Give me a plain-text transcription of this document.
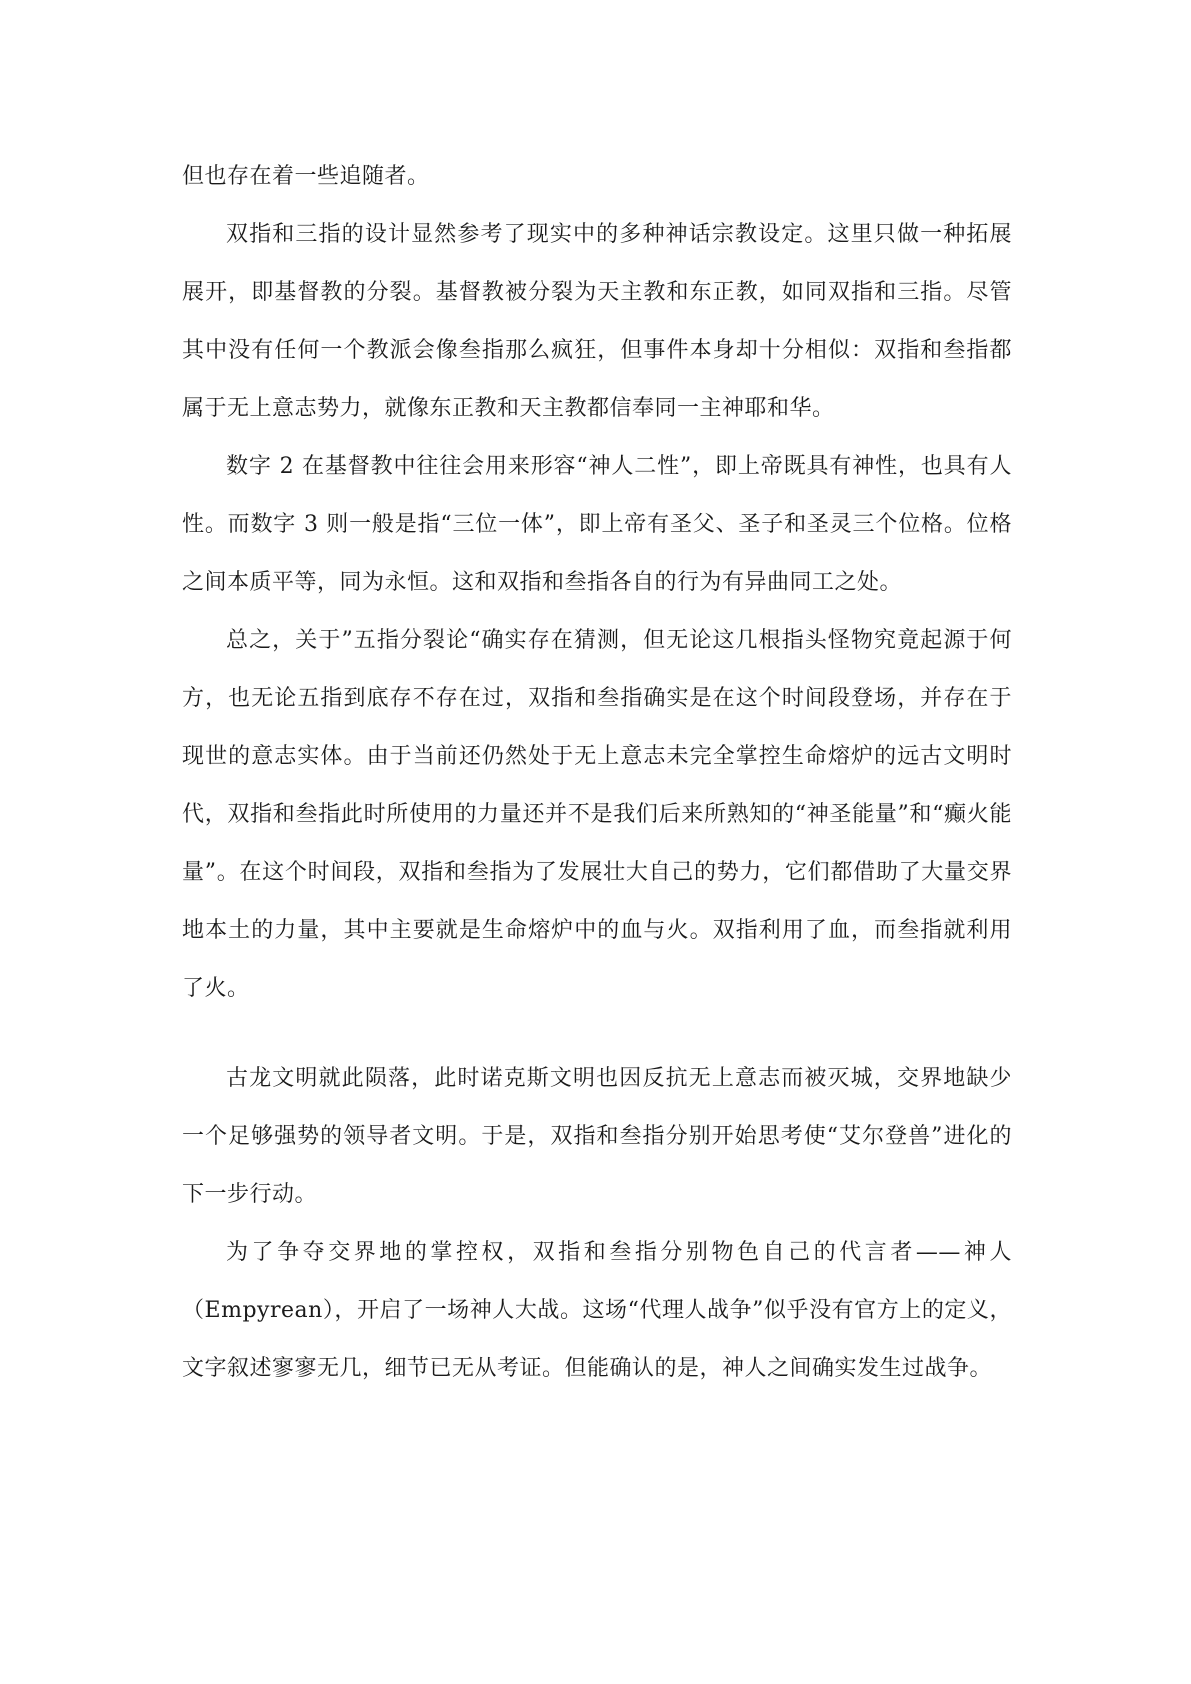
但也存在着一些追随者。

双指和三指的设计显然参考了现实中的多种神话宗教设定。这里只做一种拓展展开，即基督教的分裂。基督教被分裂为天主教和东正教，如同双指和三指。尽管其中没有任何一个教派会像叁指那么疯狂，但事件本身却十分相似：双指和叁指都属于无上意志势力，就像东正教和天主教都信奉同一主神耶和华。

数字 2 在基督教中往往会用来形容“神人二性”，即上帝既具有神性，也具有人性。而数字 3 则一般是指“三位一体”，即上帝有圣父、圣子和圣灵三个位格。位格之间本质平等，同为永恒。这和双指和叁指各自的行为有异曲同工之处。

总之，关于”五指分裂论“确实存在猜测，但无论这几根指头怪物究竟起源于何方，也无论五指到底存不存在过，双指和叁指确实是在这个时间段登场，并存在于现世的意志实体。由于当前还仍然处于无上意志未完全掌控生命熔炉的远古文明时代，双指和叁指此时所使用的力量还并不是我们后来所熟知的“神圣能量”和“癫火能量”。在这个时间段，双指和叁指为了发展壮大自己的势力，它们都借助了大量交界地本土的力量，其中主要就是生命熔炉中的血与火。双指利用了血，而叁指就利用了火。

古龙文明就此陨落，此时诺克斯文明也因反抗无上意志而被灭城，交界地缺少一个足够强势的领导者文明。于是，双指和叁指分别开始思考使“艾尔登兽”进化的下一步行动。

为了争夺交界地的掌控权，双指和叁指分别物色自己的代言者——神人（Empyrean），开启了一场神人大战。这场“代理人战争”似乎没有官方上的定义，文字叙述寥寥无几，细节已无从考证。但能确认的是，神人之间确实发生过战争。
